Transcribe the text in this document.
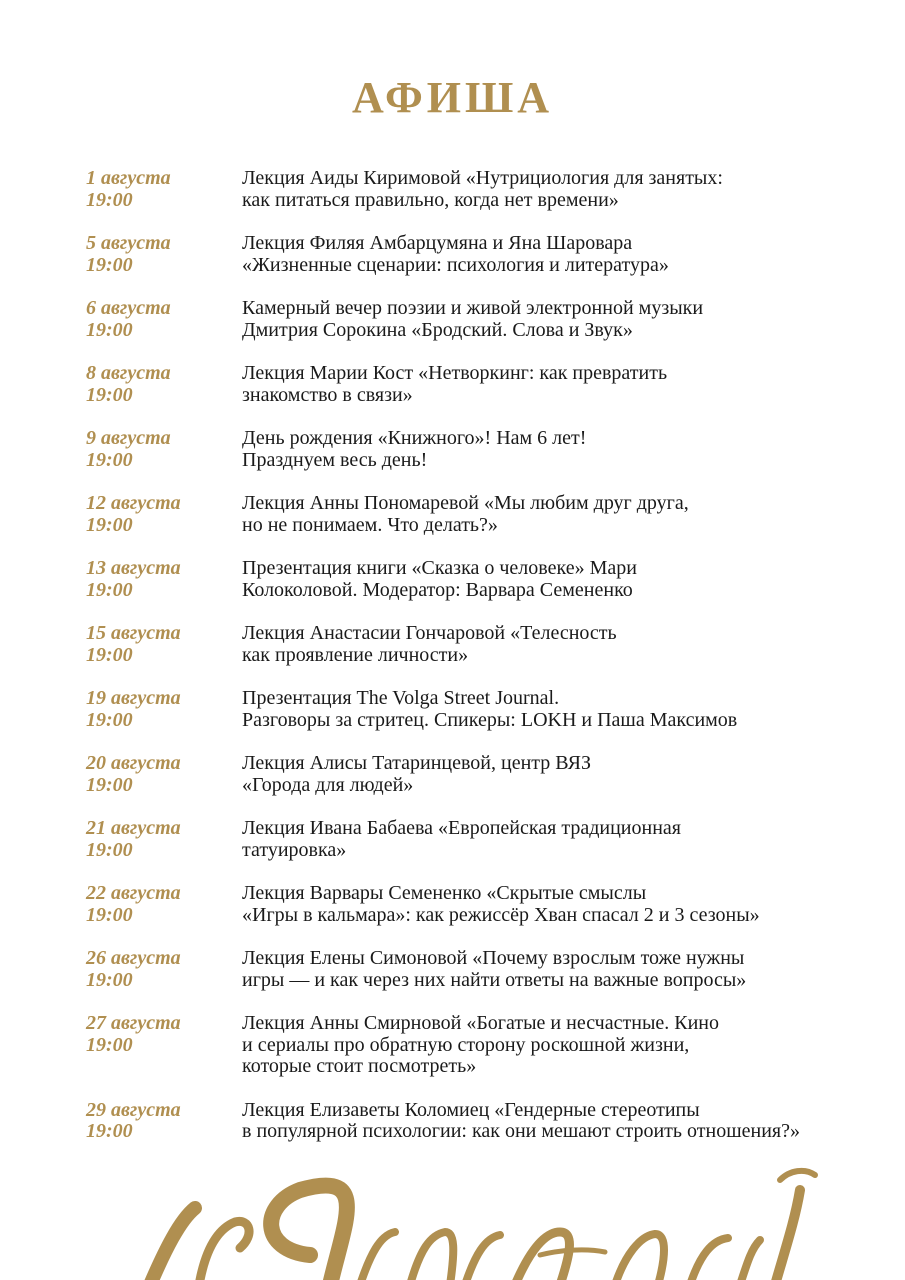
АФИША
1 августа
19:00
Лекция Аиды Киримовой «Нутрициология для занятых:
как питаться правильно, когда нет времени»
5 августа
19:00
Лекция Филяя Амбарцумяна и Яна Шаровара
«Жизненные сценарии: психология и литература»
6 августа
19:00
Камерный вечер поэзии и живой электронной музыки
Дмитрия Сорокина «Бродский. Слова и Звук»
8 августа
19:00
Лекция Марии Кост «Нетворкинг: как превратить
знакомство в связи»
9 августа
19:00
День рождения «Книжного»! Нам 6 лет!
Празднуем весь день!
12 августа
19:00
Лекция Анны Пономаревой «Мы любим друг друга,
но не понимаем. Что делать?»
13 августа
19:00
Презентация книги «Сказка о человеке» Мари
Колоколовой. Модератор: Варвара Семененко
15 августа
19:00
Лекция Анастасии Гончаровой «Телесность
как проявление личности»
19 августа
19:00
Презентация The Volga Street Journal.
Разговоры за стритец. Спикеры: LOKH и Паша Максимов
20 августа
19:00
Лекция Алисы Татаринцевой, центр ВЯЗ
«Города для людей»
21 августа
19:00
Лекция Ивана Бабаева «Европейская традиционная
татуировка»
22 августа
19:00
Лекция Варвары Семененко «Скрытые смыслы
«Игры в кальмара»: как режиссёр Хван спасал 2 и 3 сезоны»
26 августа
19:00
Лекция Елены Симоновой «Почему взрослым тоже нужны
игры — и как через них найти ответы на важные вопросы»
27 августа
19:00
Лекция Анны Смирновой «Богатые и несчастные. Кино
и сериалы про обратную сторону роскошной жизни,
которые стоит посмотреть»
29 августа
19:00
Лекция Елизаветы Коломиец «Гендерные стереотипы
в популярной психологии: как они мешают строить отношения?»
